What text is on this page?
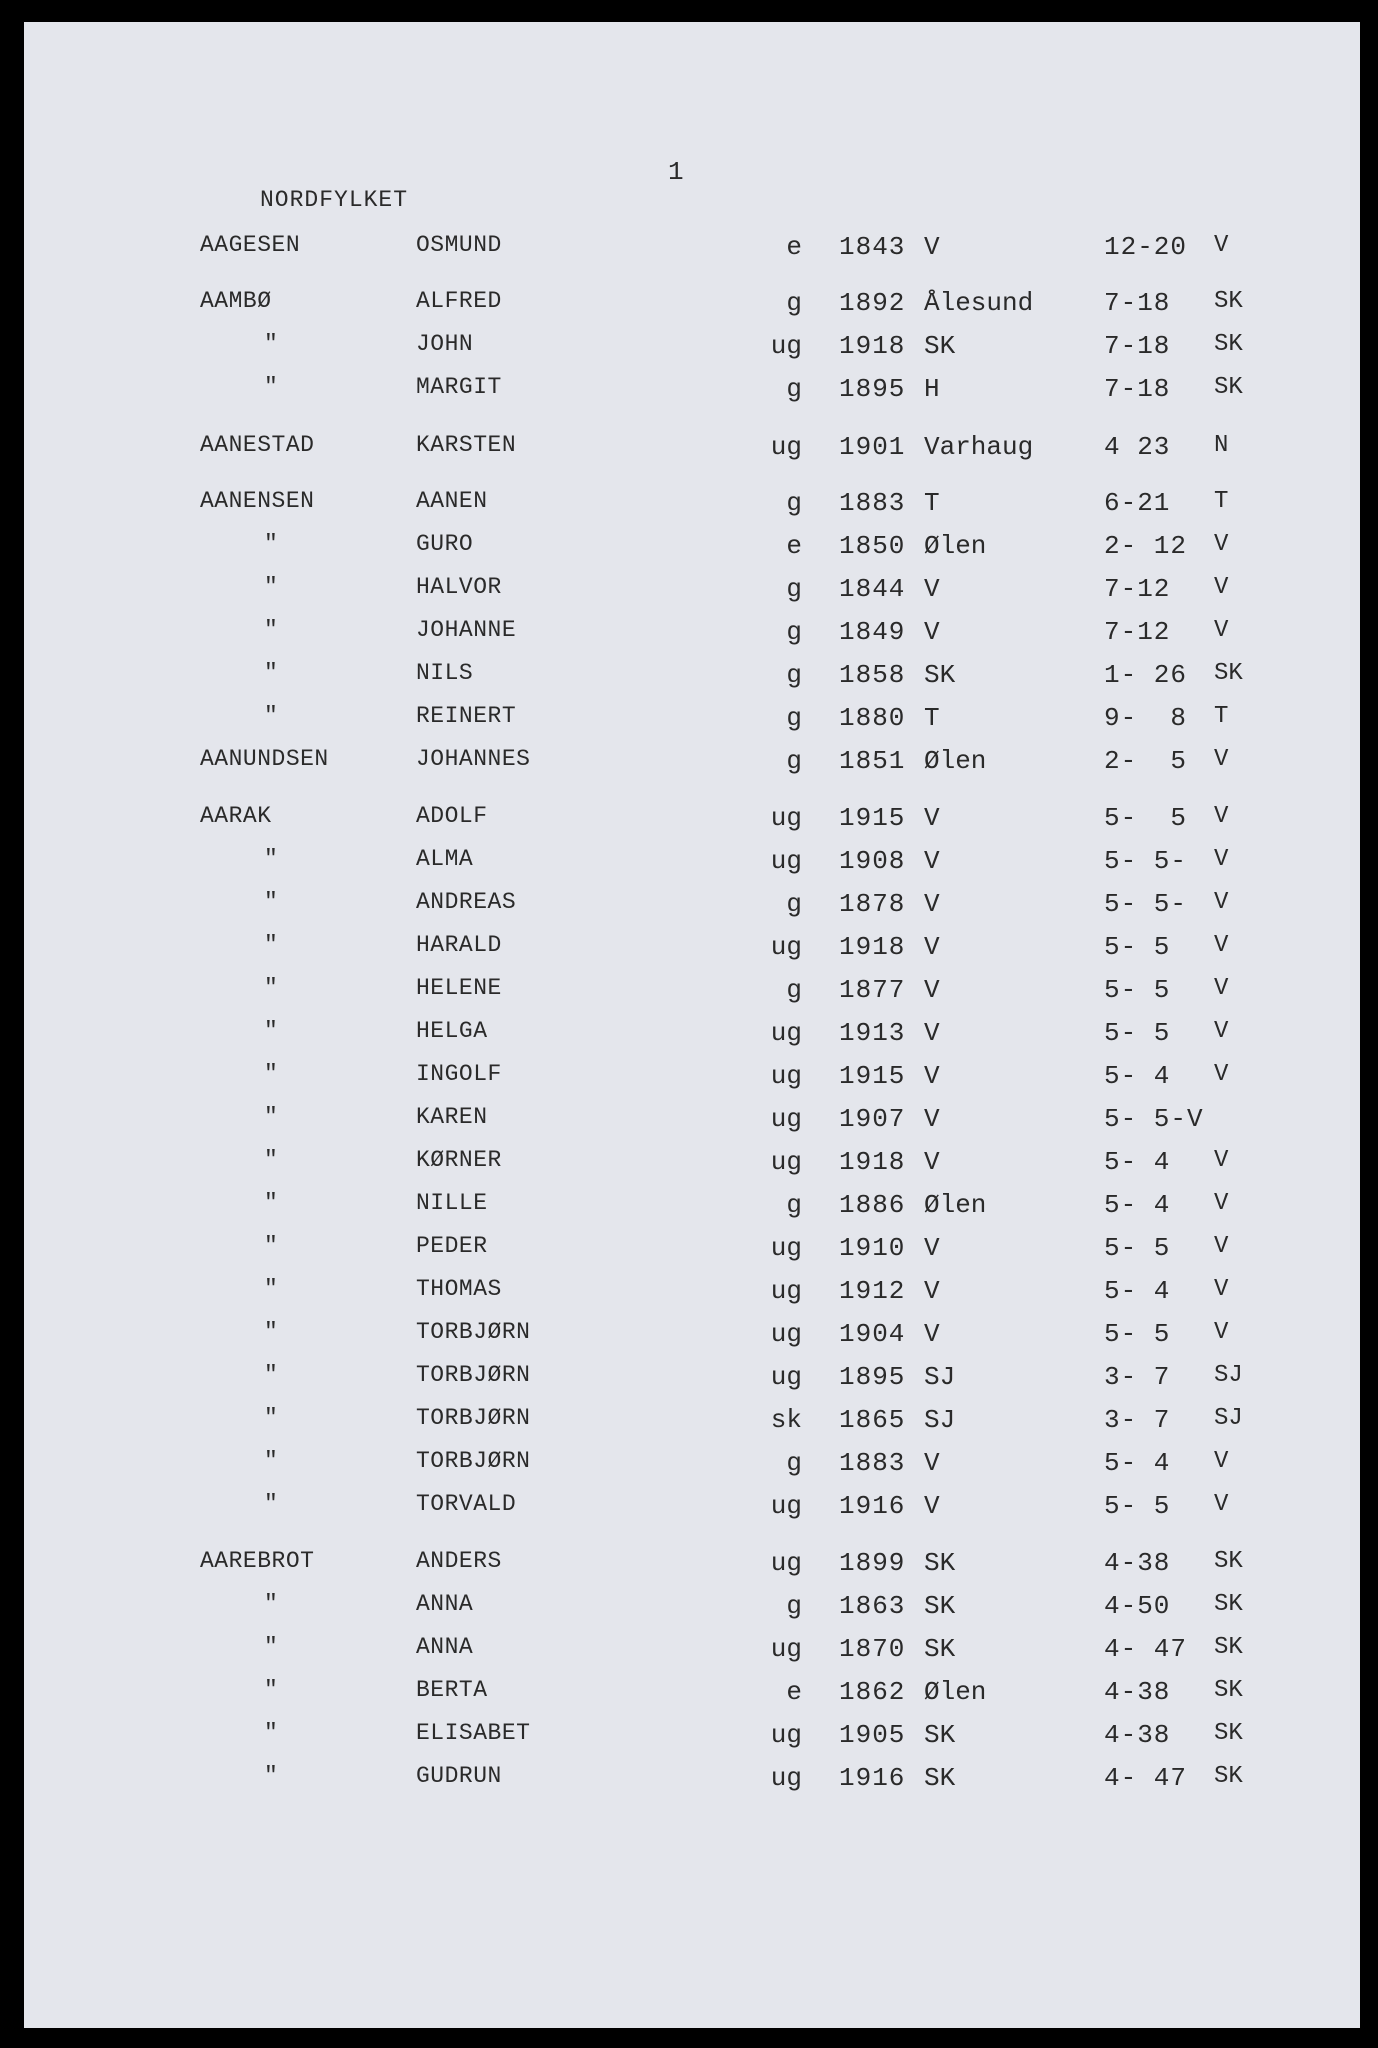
1
NORDFYLKET
AAGESEN	OSMUND	e 1843 V	12-20 V
AAMBØ	ALFRED	g 1892 Ålesund	7-18 SK
"	JOHN	ug 1918 SK	7-18 SK
"	MARGIT	g 1895 H	7-18 SK
AANESTAD	KARSTEN	ug 1901 Varhaug	4 23 N
AANENSEN	AANEN	g 1883 T	6-21 T
"	GURO	e 1850 Ølen	2- 12 V
"	HALVOR	g 1844 V	7-12 V
"	JOHANNE	g 1849 V	7-12 V
"	NILS	g 1858 SK	1- 26 SK
"	REINERT	g 1880 T	9-  8 T
AANUNDSEN	JOHANNES	g 1851 Ølen	2-  5 V
AARAK	ADOLF	ug 1915 V	5-  5 V
"	ALMA	ug 1908 V	5- 5- V
"	ANDREAS	g 1878 V	5- 5- V
"	HARALD	ug 1918 V	5- 5 V
"	HELENE	g 1877 V	5- 5 V
"	HELGA	ug 1913 V	5- 5 V
"	INGOLF	ug 1915 V	5- 4 V
"	KAREN	ug 1907 V	5- 5-V
"	KØRNER	ug 1918 V	5- 4 V
"	NILLE	g 1886 Ølen	5- 4 V
"	PEDER	ug 1910 V	5- 5 V
"	THOMAS	ug 1912 V	5- 4 V
"	TORBJØRN	ug 1904 V	5- 5 V
"	TORBJØRN	ug 1895 SJ	3- 7 SJ
"	TORBJØRN	sk 1865 SJ	3- 7 SJ
"	TORBJØRN	g 1883 V	5- 4 V
"	TORVALD	ug 1916 V	5- 5 V
AAREBROT	ANDERS	ug 1899 SK	4-38 SK
"	ANNA	g 1863 SK	4-50 SK
"	ANNA	ug 1870 SK	4- 47 SK
"	BERTA	e 1862 Ølen	4-38 SK
"	ELISABET	ug 1905 SK	4-38 SK
"	GUDRUN	ug 1916 SK	4- 47 SK
